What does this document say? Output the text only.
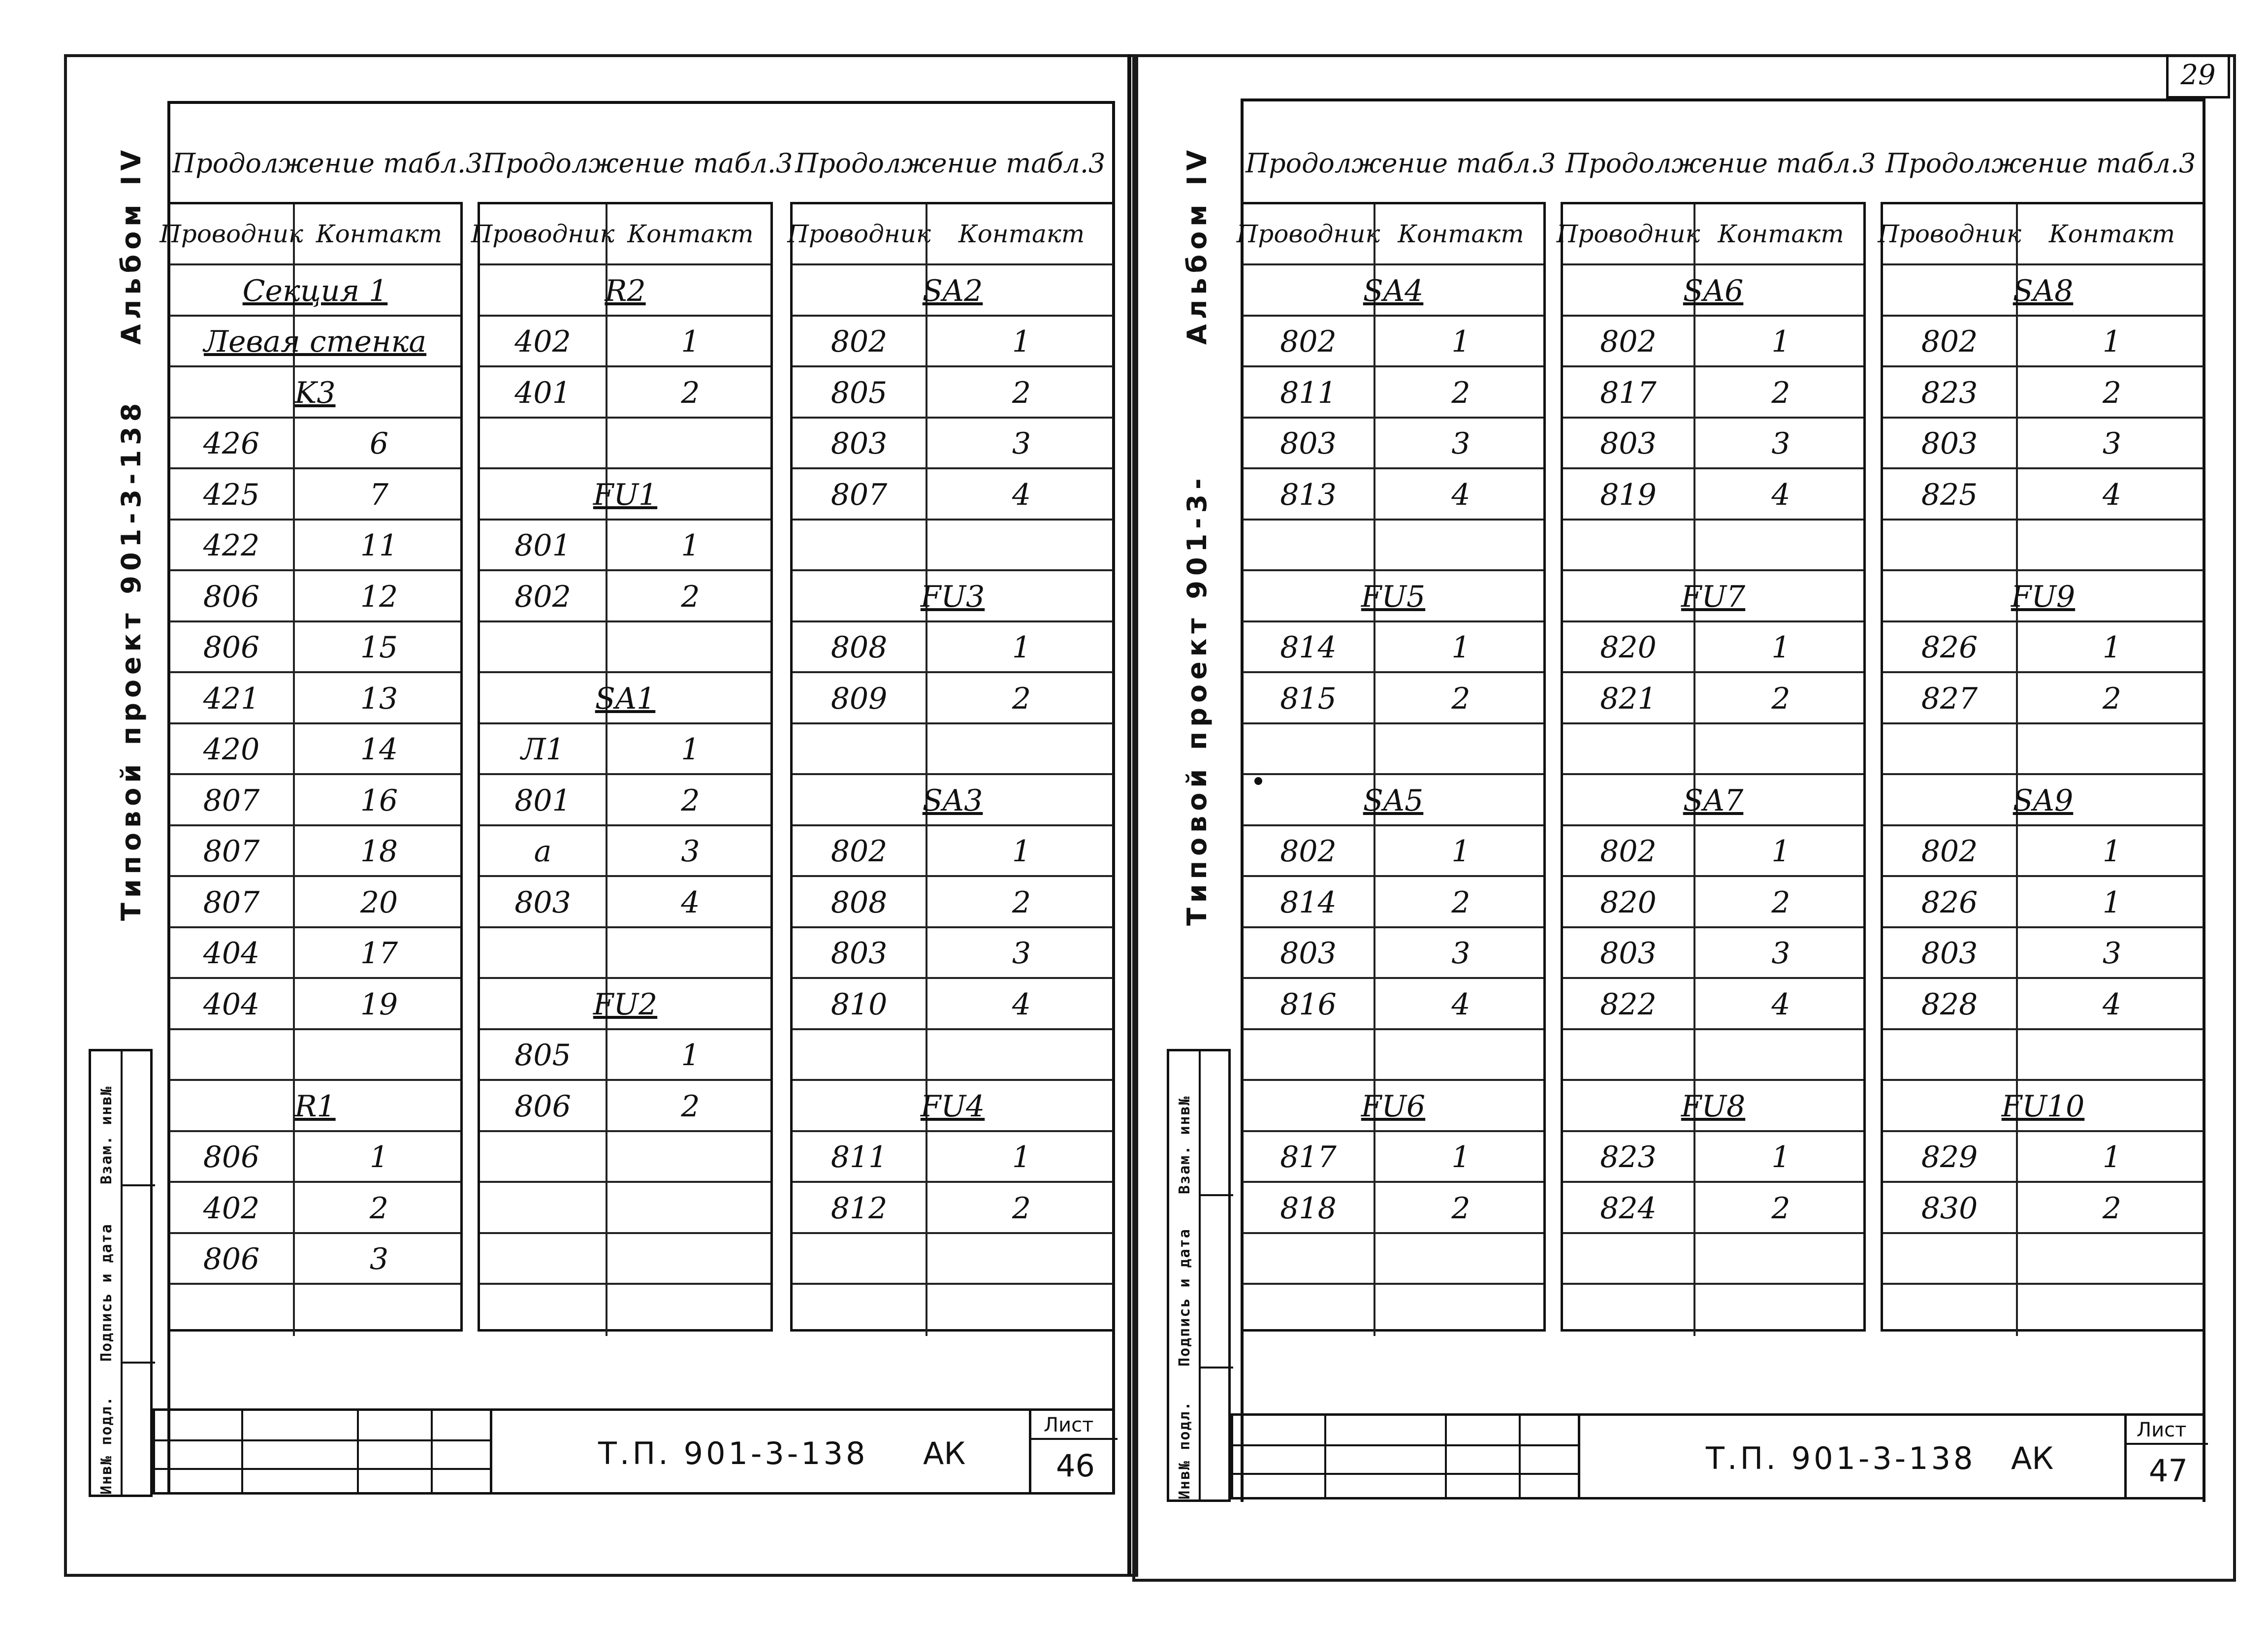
29
Альбом IV
Типовой проект 901-3-138
Инв№ подл.
Подпись и дата
Взам. инв№
Продолжение табл.3
Проводник Контакт
Секция 1
Левая стенка
K3
426	6
425	7
422	11
806	12
806	15
421	13
420	14
807	16
807	18
807	20
404	17
404	19
R1
806	1
402	2
806	3
Продолжение табл.3
Проводник Контакт
R2
402	1
401	2
FU1
801	1
802	2
SA1
Л1	1
801	2
a	3
803	4
FU2
805	1
806	2
Продолжение табл.3
Проводник	Контакт
SA2
802	1
805	2
803	3
807	4
FU3
808	1
809	2
SA3
802	1
808	2
803	3
810	4
FU4
811	1
812	2
Т.П. 901-3-138 АК
Лист
46
Альбом IV
Типовой проект 901-3-
Инв№ подл.
Подпись и дата
Взам. инв№
Продолжение табл.3
Проводник Контакт
SA4
802	1
811	2
803	3
813	4
FU5
814	1
815	2
SA5
802	1
814	2
803	3
816	4
FU6
817	1
818	2
Продолжение табл.3
Проводник Контакт
SA6
802	1
817	2
803	3
819	4
FU7
820	1
821	2
SA7
802	1
820	2
803	3
822	4
FU8
823	1
824	2
Продолжение табл.3
Проводник	Контакт
SA8
802	1
823	2
803	3
825	4
FU9
826	1
827	2
SA9
802	1
826	1
803	3
828	4
FU10
829	1
830	2
Т.П. 901-3-138 АК
Лист
47
